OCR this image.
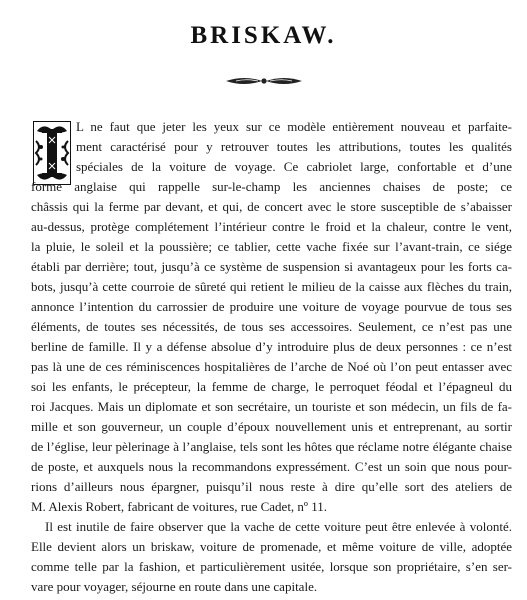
BRISKAW.
L ne faut que jeter les yeux sur ce modèle entièrement nouveau et parfaite-
ment caractérisé pour y retrouver toutes les attributions, toutes les qualités
spéciales de la voiture de voyage. Ce cabriolet large, confortable et d’une
forme anglaise qui rappelle sur-le-champ les anciennes chaises de poste; ce
châssis qui la ferme par devant, et qui, de concert avec le store susceptible de s’abaisser
au-dessus, protège complétement l’intérieur contre le froid et la chaleur, contre le vent,
la pluie, le soleil et la poussière; ce tablier, cette vache fixée sur l’avant-train, ce siége
établi par derrière; tout, jusqu’à ce système de suspension si avantageux pour les forts ca-
bots, jusqu’à cette courroie de sûreté qui retient le milieu de la caisse aux flèches du train,
annonce l’intention du carrossier de produire une voiture de voyage pourvue de tous ses
éléments, de toutes ses nécessités, de tous ses accessoires. Seulement, ce n’est pas une
berline de famille. Il y a défense absolue d’y introduire plus de deux personnes : ce n’est
pas là une de ces réminiscences hospitalières de l’arche de Noé où l’on peut entasser avec
soi les enfants, le précepteur, la femme de charge, le perroquet féodal et l’épagneul du
roi Jacques. Mais un diplomate et son secrétaire, un touriste et son médecin, un fils de fa-
mille et son gouverneur, un couple d’époux nouvellement unis et entreprenant, au sortir
de l’église, leur pèlerinage à l’anglaise, tels sont les hôtes que réclame notre élégante chaise
de poste, et auxquels nous la recommandons expressément. C’est un soin que nous pour-
rions d’ailleurs nous épargner, puisqu’il nous reste à dire qu’elle sort des ateliers de
M. Alexis Robert, fabricant de voitures, rue Cadet, nº 11.
Il est inutile de faire observer que la vache de cette voiture peut être enlevée à volonté.
Elle devient alors un briskaw, voiture de promenade, et même voiture de ville, adoptée
comme telle par la fashion, et particulièrement usitée, lorsque son propriétaire, s’en ser-
vare pour voyager, séjourne en route dans une capitale.
